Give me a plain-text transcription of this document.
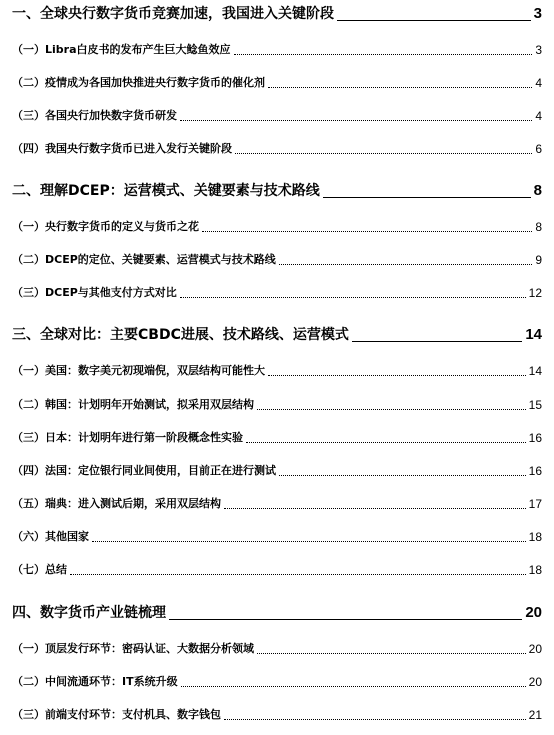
一、全球央行数字货币竞赛加速，我国进入关键阶段	3
（一）Libra白皮书的发布产生巨大鲶鱼效应	3
（二）疫情成为各国加快推进央行数字货币的催化剂	4
（三）各国央行加快数字货币研发	4
（四）我国央行数字货币已进入发行关键阶段	6
二、理解DCEP：运营模式、关键要素与技术路线	8
（一）央行数字货币的定义与货币之花	8
（二）DCEP的定位、关键要素、运营模式与技术路线	9
（三）DCEP与其他支付方式对比	12
三、全球对比：主要CBDC进展、技术路线、运营模式	14
（一）美国：数字美元初现端倪，双层结构可能性大	14
（二）韩国：计划明年开始测试，拟采用双层结构	15
（三）日本：计划明年进行第一阶段概念性实验	16
（四）法国：定位银行同业间使用，目前正在进行测试	16
（五）瑞典：进入测试后期，采用双层结构	17
（六）其他国家	18
（七）总结	18
四、数字货币产业链梳理	20
（一）顶层发行环节：密码认证、大数据分析领域	20
（二）中间流通环节：IT系统升级	20
（三）前端支付环节：支付机具、数字钱包	21
